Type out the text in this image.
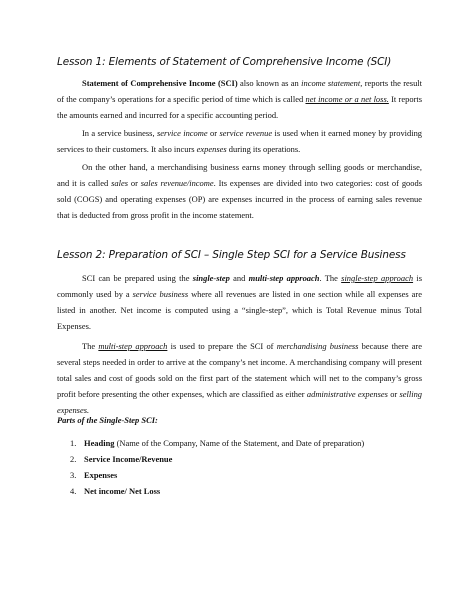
Lesson 1: Elements of Statement of Comprehensive Income (SCI)

Statement of Comprehensive Income (SCI) also known as an income statement, reports the result of the company’s operations for a specific period of time which is called net income or a net loss. It reports the amounts earned and incurred for a specific accounting period.

In a service business, service income or service revenue is used when it earned money by providing services to their customers. It also incurs expenses during its operations.

On the other hand, a merchandising business earns money through selling goods or merchandise, and it is called sales or sales revenue/income. Its expenses are divided into two categories: cost of goods sold (COGS) and operating expenses (OP) are expenses incurred in the process of earning sales revenue that is deducted from gross profit in the income statement.

Lesson 2: Preparation of SCI – Single Step SCI for a Service Business

SCI can be prepared using the single-step and multi-step approach. The single-step approach is commonly used by a service business where all revenues are listed in one section while all expenses are listed in another. Net income is computed using a “single-step”, which is Total Revenue minus Total Expenses.

The multi-step approach is used to prepare the SCI of merchandising business because there are several steps needed in order to arrive at the company’s net income. A merchandising company will present total sales and cost of goods sold on the first part of the statement which will net to the company’s gross profit before presenting the other expenses, which are classified as either administrative expenses or selling expenses.

Parts of the Single-Step SCI:
1. Heading (Name of the Company, Name of the Statement, and Date of preparation)
2. Service Income/Revenue
3. Expenses
4. Net income/ Net Loss
